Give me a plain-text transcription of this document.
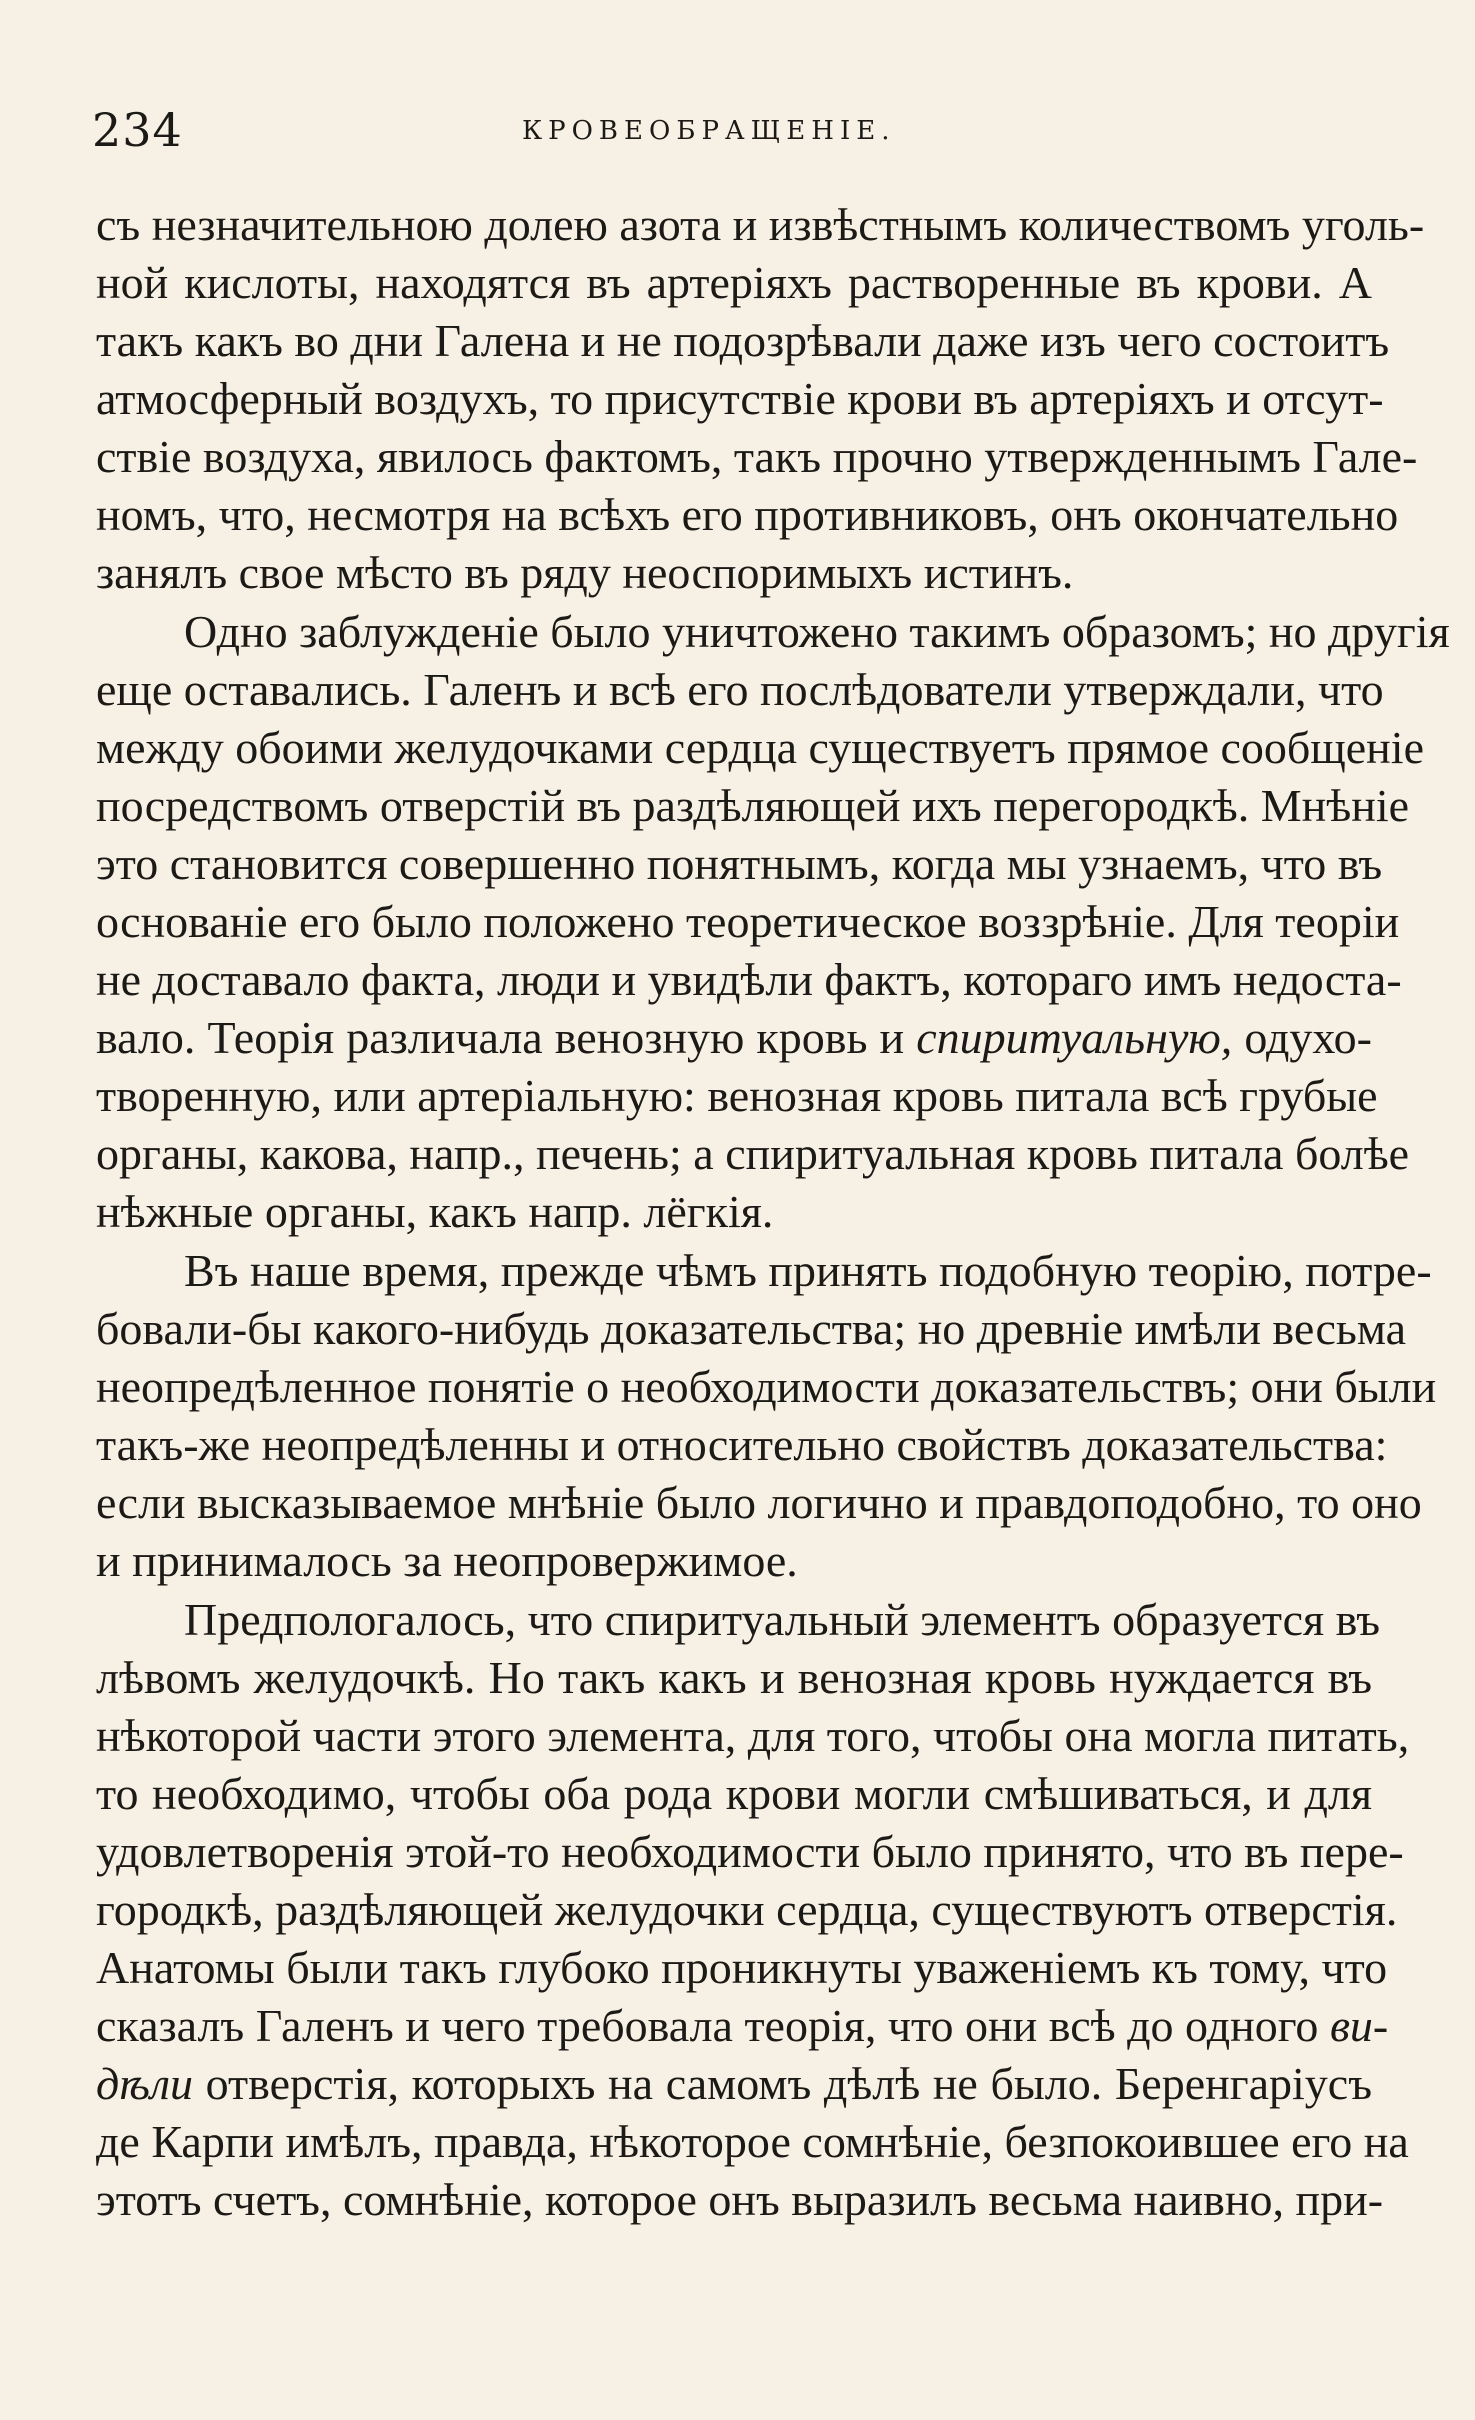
234	КРОВЕОБРАЩЕНІЕ.
съ незначительною долею азота и извѣстнымъ количествомъ уголь-
ной кислоты, находятся въ артеріяхъ растворенные въ крови. А
такъ какъ во дни Галена и не подозрѣвали даже изъ чего состоитъ
атмосферный воздухъ, то присутствіе крови въ артеріяхъ и отсут-
ствіе воздуха, явилось фактомъ, такъ прочно утвержденнымъ Гале-
номъ, что, несмотря на всѣхъ его противниковъ, онъ окончательно
занялъ свое мѣсто въ ряду неоспоримыхъ истинъ.
Одно заблужденіе было уничтожено такимъ образомъ; но другія
еще оставались. Галенъ и всѣ его послѣдователи утверждали, что
между обоими желудочками сердца существуетъ прямое сообщеніе
посредствомъ отверстій въ раздѣляющей ихъ перегородкѣ. Мнѣніе
это становится совершенно понятнымъ, когда мы узнаемъ, что въ
основаніе его было положено теоретическое воззрѣніе. Для теоріи
не доставало факта, люди и увидѣли фактъ, котораго имъ недоста-
вало. Теорія различала венозную кровь и спиритуальную, одухо-
творенную, или артеріальную: венозная кровь питала всѣ грубые
органы, какова, напр., печень; а спиритуальная кровь питала болѣе
нѣжные органы, какъ напр. лёгкія.
Въ наше время, прежде чѣмъ принять подобную теорію, потре-
бовали-бы какого-нибудь доказательства; но древніе имѣли весьма
неопредѣленное понятіе о необходимости доказательствъ; они были
такъ-же неопредѣленны и относительно свойствъ доказательства:
если высказываемое мнѣніе было логично и правдоподобно, то оно
и принималось за неопровержимое.
Предпологалось, что спиритуальный элементъ образуется въ
лѣвомъ желудочкѣ. Но такъ какъ и венозная кровь нуждается въ
нѣкоторой части этого элемента, для того, чтобы она могла питать,
то необходимо, чтобы оба рода крови могли смѣшиваться, и для
удовлетворенія этой-то необходимости было принято, что въ пере-
городкѣ, раздѣляющей желудочки сердца, существуютъ отверстія.
Анатомы были такъ глубоко проникнуты уваженіемъ къ тому, что
сказалъ Галенъ и чего требовала теорія, что они всѣ до одного ви-
дѣли отверстія, которыхъ на самомъ дѣлѣ не было. Беренгаріусъ
де Карпи имѣлъ, правда, нѣкоторое сомнѣніе, безпокоившее его на
этотъ счетъ, сомнѣніе, которое онъ выразилъ весьма наивно, при-
